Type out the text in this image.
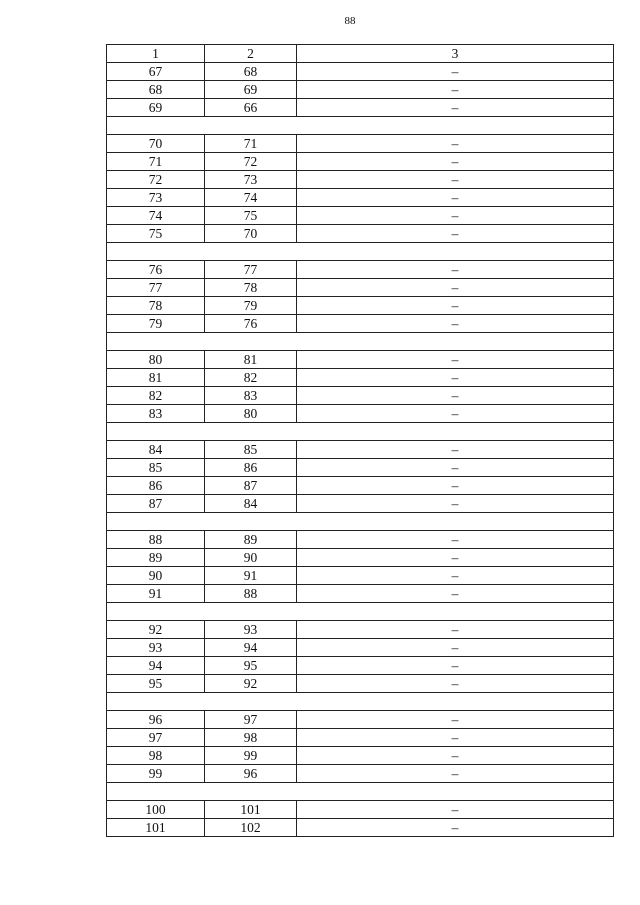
88
1	2	3
67	68	–
68	69	–
69	66	–

70	71	–
71	72	–
72	73	–
73	74	–
74	75	–
75	70	–

76	77	–
77	78	–
78	79	–
79	76	–

80	81	–
81	82	–
82	83	–
83	80	–

84	85	–
85	86	–
86	87	–
87	84	–

88	89	–
89	90	–
90	91	–
91	88	–

92	93	–
93	94	–
94	95	–
95	92	–

96	97	–
97	98	–
98	99	–
99	96	–

100	101	–
101	102	–
